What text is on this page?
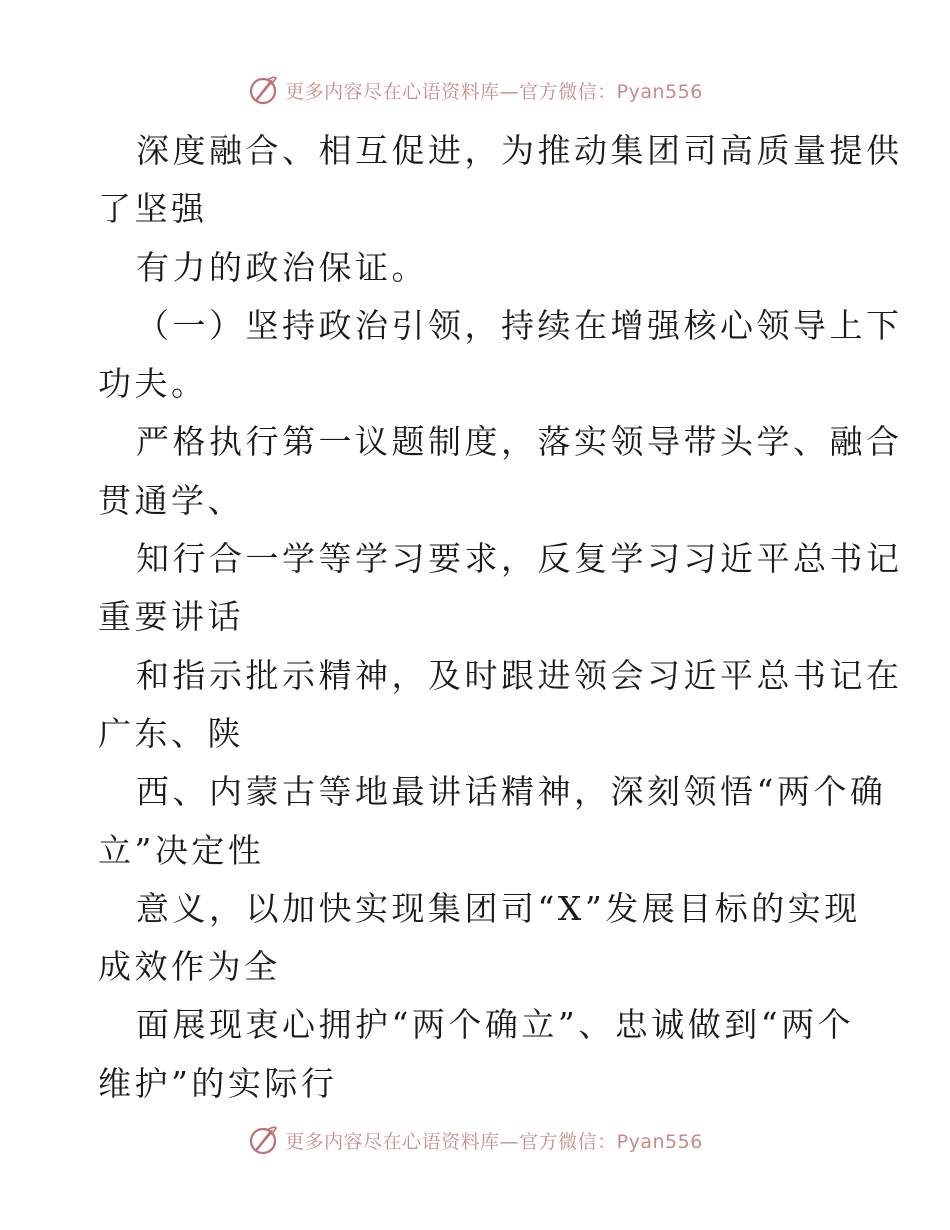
更多内容尽在心语资料库—官方微信：Pyan556
深度融合、相互促进，为推动集团司高质量提供
了坚强
有力的政治保证。
（一）坚持政治引领，持续在增强核心领导上下
功夫。
严格执行第一议题制度，落实领导带头学、融合
贯通学、
知行合一学等学习要求，反复学习习近平总书记
重要讲话
和指示批示精神，及时跟进领会习近平总书记在
广东、陕
西、内蒙古等地最讲话精神，深刻领悟“两个确
立”决定性
意义，以加快实现集团司“X”发展目标的实现
成效作为全
面展现衷心拥护“两个确立”、忠诚做到“两个
维护”的实际行
更多内容尽在心语资料库—官方微信：Pyan556
